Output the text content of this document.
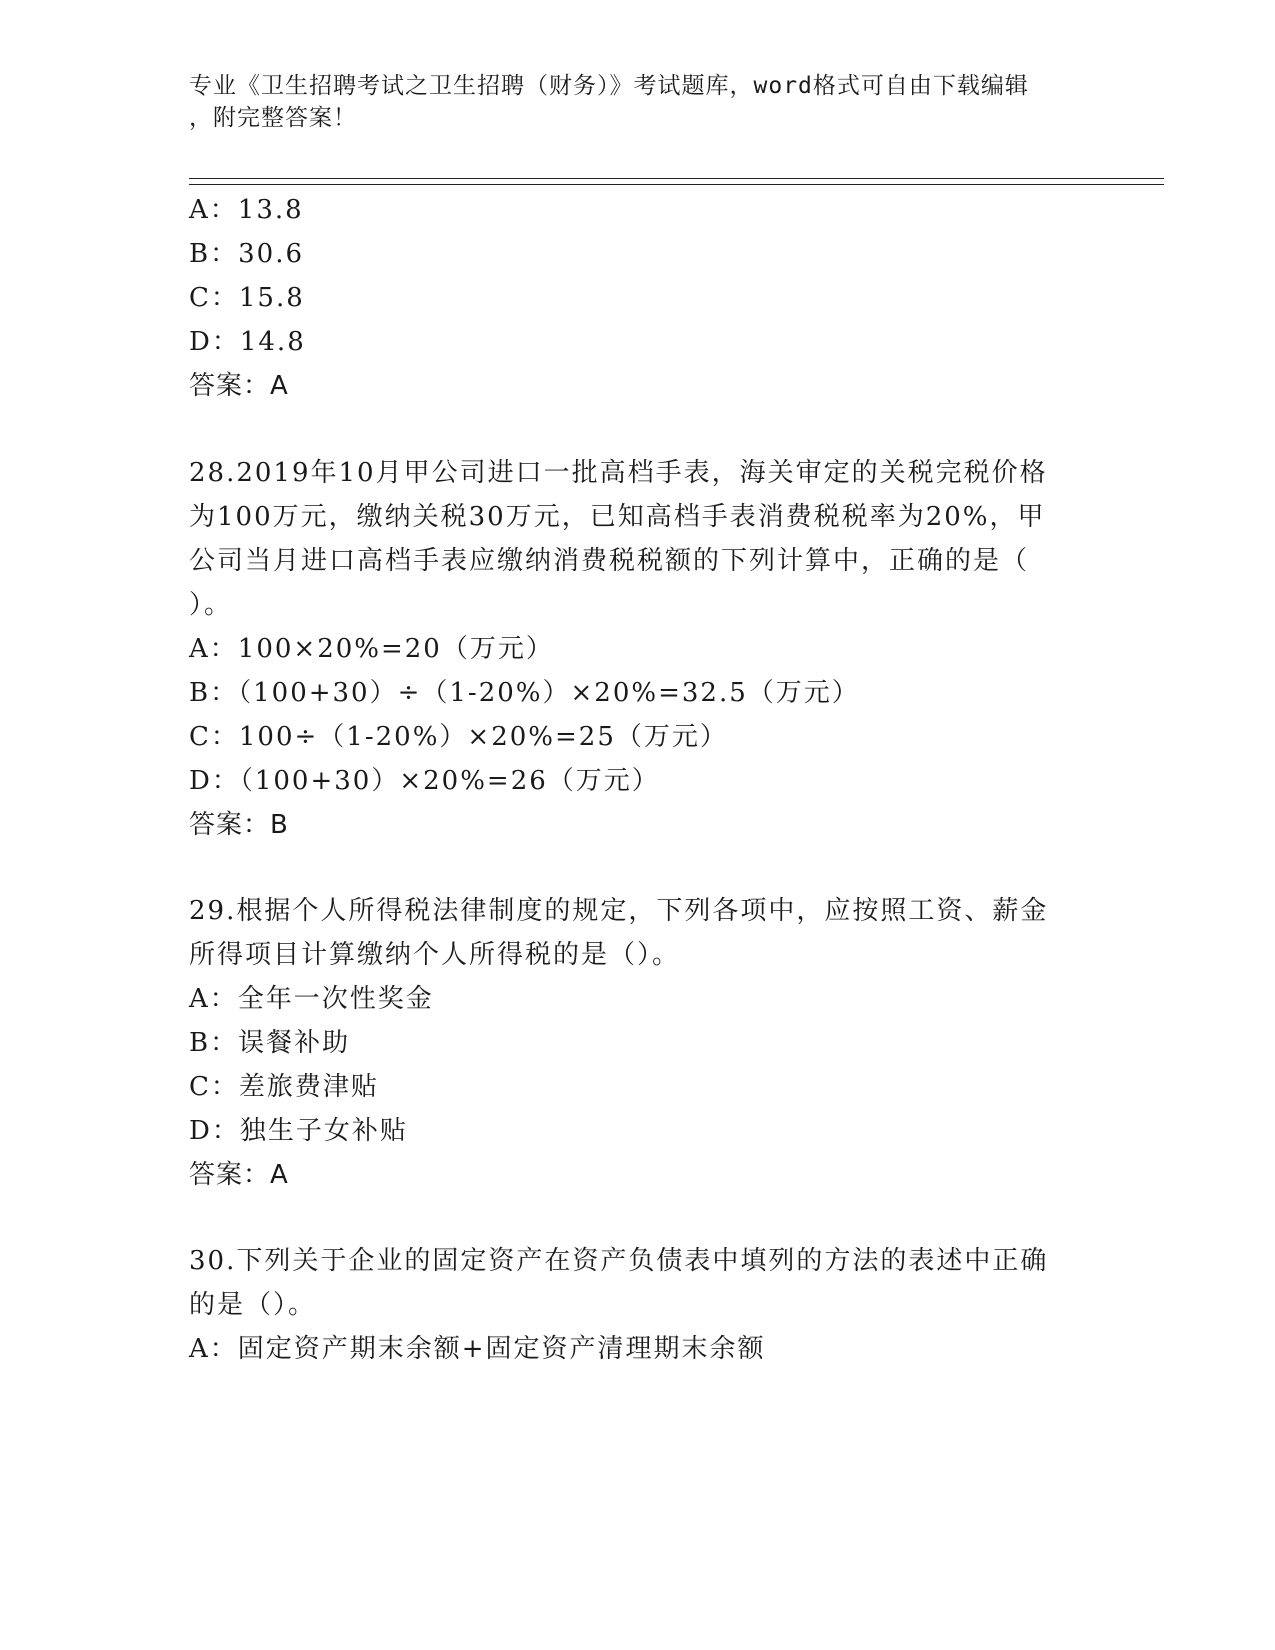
专业《卫生招聘考试之卫生招聘（财务）》考试题库，word格式可自由下载编辑
，附完整答案！
A：13.8
B：30.6
C：15.8
D：14.8
答案：A
28.2019年10月甲公司进口一批高档手表，海关审定的关税完税价格
为100万元，缴纳关税30万元，已知高档手表消费税税率为20%，甲
公司当月进口高档手表应缴纳消费税税额的下列计算中，正确的是（
）。
A：100×20%=20（万元）
B：（100+30）÷（1-20%）×20%=32.5（万元）
C：100÷（1-20%）×20%=25（万元）
D：（100+30）×20%=26（万元）
答案：B
29.根据个人所得税法律制度的规定，下列各项中，应按照工资、薪金
所得项目计算缴纳个人所得税的是（）。
A：全年一次性奖金
B：误餐补助
C：差旅费津贴
D：独生子女补贴
答案：A
30.下列关于企业的固定资产在资产负债表中填列的方法的表述中正确
的是（）。
A：固定资产期末余额+固定资产清理期末余额
